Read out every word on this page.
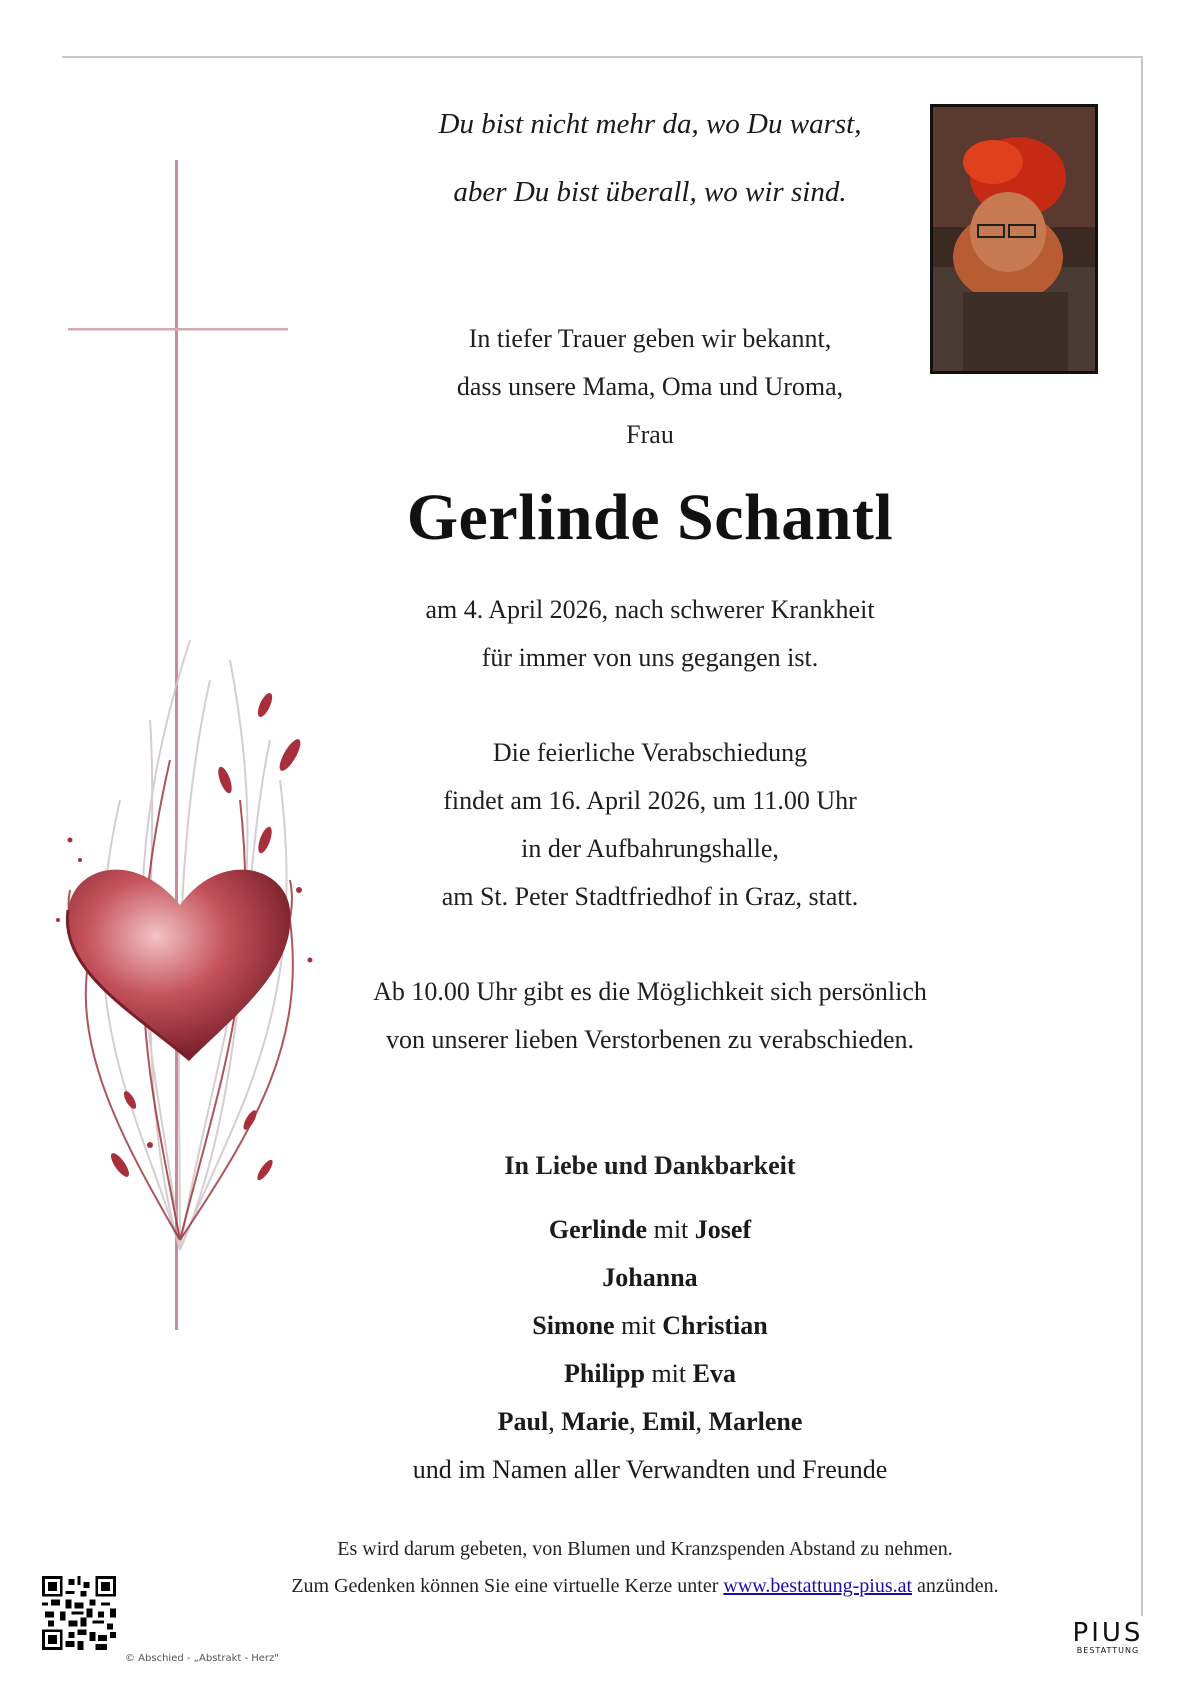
Du bist nicht mehr da, wo Du warst,
aber Du bist überall, wo wir sind.
In tiefer Trauer geben wir bekannt,
dass unsere Mama, Oma und Uroma,
Frau
Gerlinde Schantl
am 4. April 2026, nach schwerer Krankheit
für immer von uns gegangen ist.
Die feierliche Verabschiedung
findet am 16. April 2026, um 11.00 Uhr
in der Aufbahrungshalle,
am St. Peter Stadtfriedhof in Graz, statt.
Ab 10.00 Uhr gibt es die Möglichkeit sich persönlich
von unserer lieben Verstorbenen zu verabschieden.
In Liebe und Dankbarkeit
Gerlinde mit Josef
Johanna
Simone mit Christian
Philipp mit Eva
Paul, Marie, Emil, Marlene
und im Namen aller Verwandten und Freunde
Es wird darum gebeten, von Blumen und Kranzspenden Abstand zu nehmen.
Zum Gedenken können Sie eine virtuelle Kerze unter www.bestattung-pius.at anzünden.
© Abschied - „Abstrakt - Herz"
PIUS
BESTATTUNG
